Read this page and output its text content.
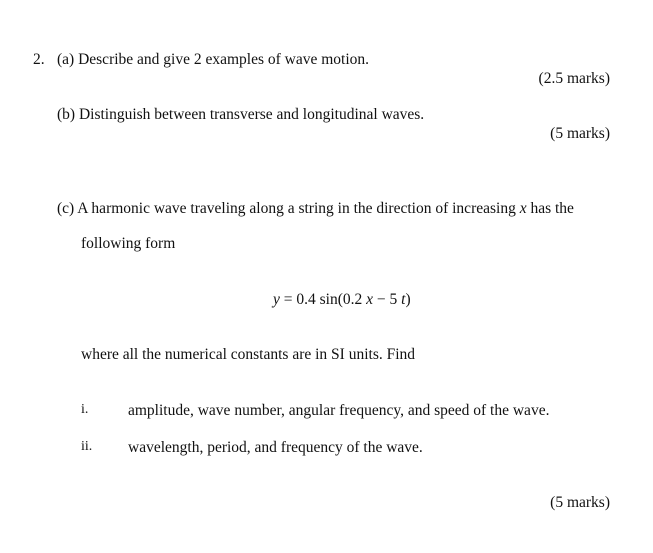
2. (a) Describe and give 2 examples of wave motion.
(2.5 marks)
(b) Distinguish between transverse and longitudinal waves.
(5 marks)
(c) A harmonic wave traveling along a string in the direction of increasing x has the
following form
y = 0.4 sin(0.2 x − 5 t)
where all the numerical constants are in SI units. Find
i.	amplitude, wave number, angular frequency, and speed of the wave.
ii. wavelength, period, and frequency of the wave.
(5 marks)
